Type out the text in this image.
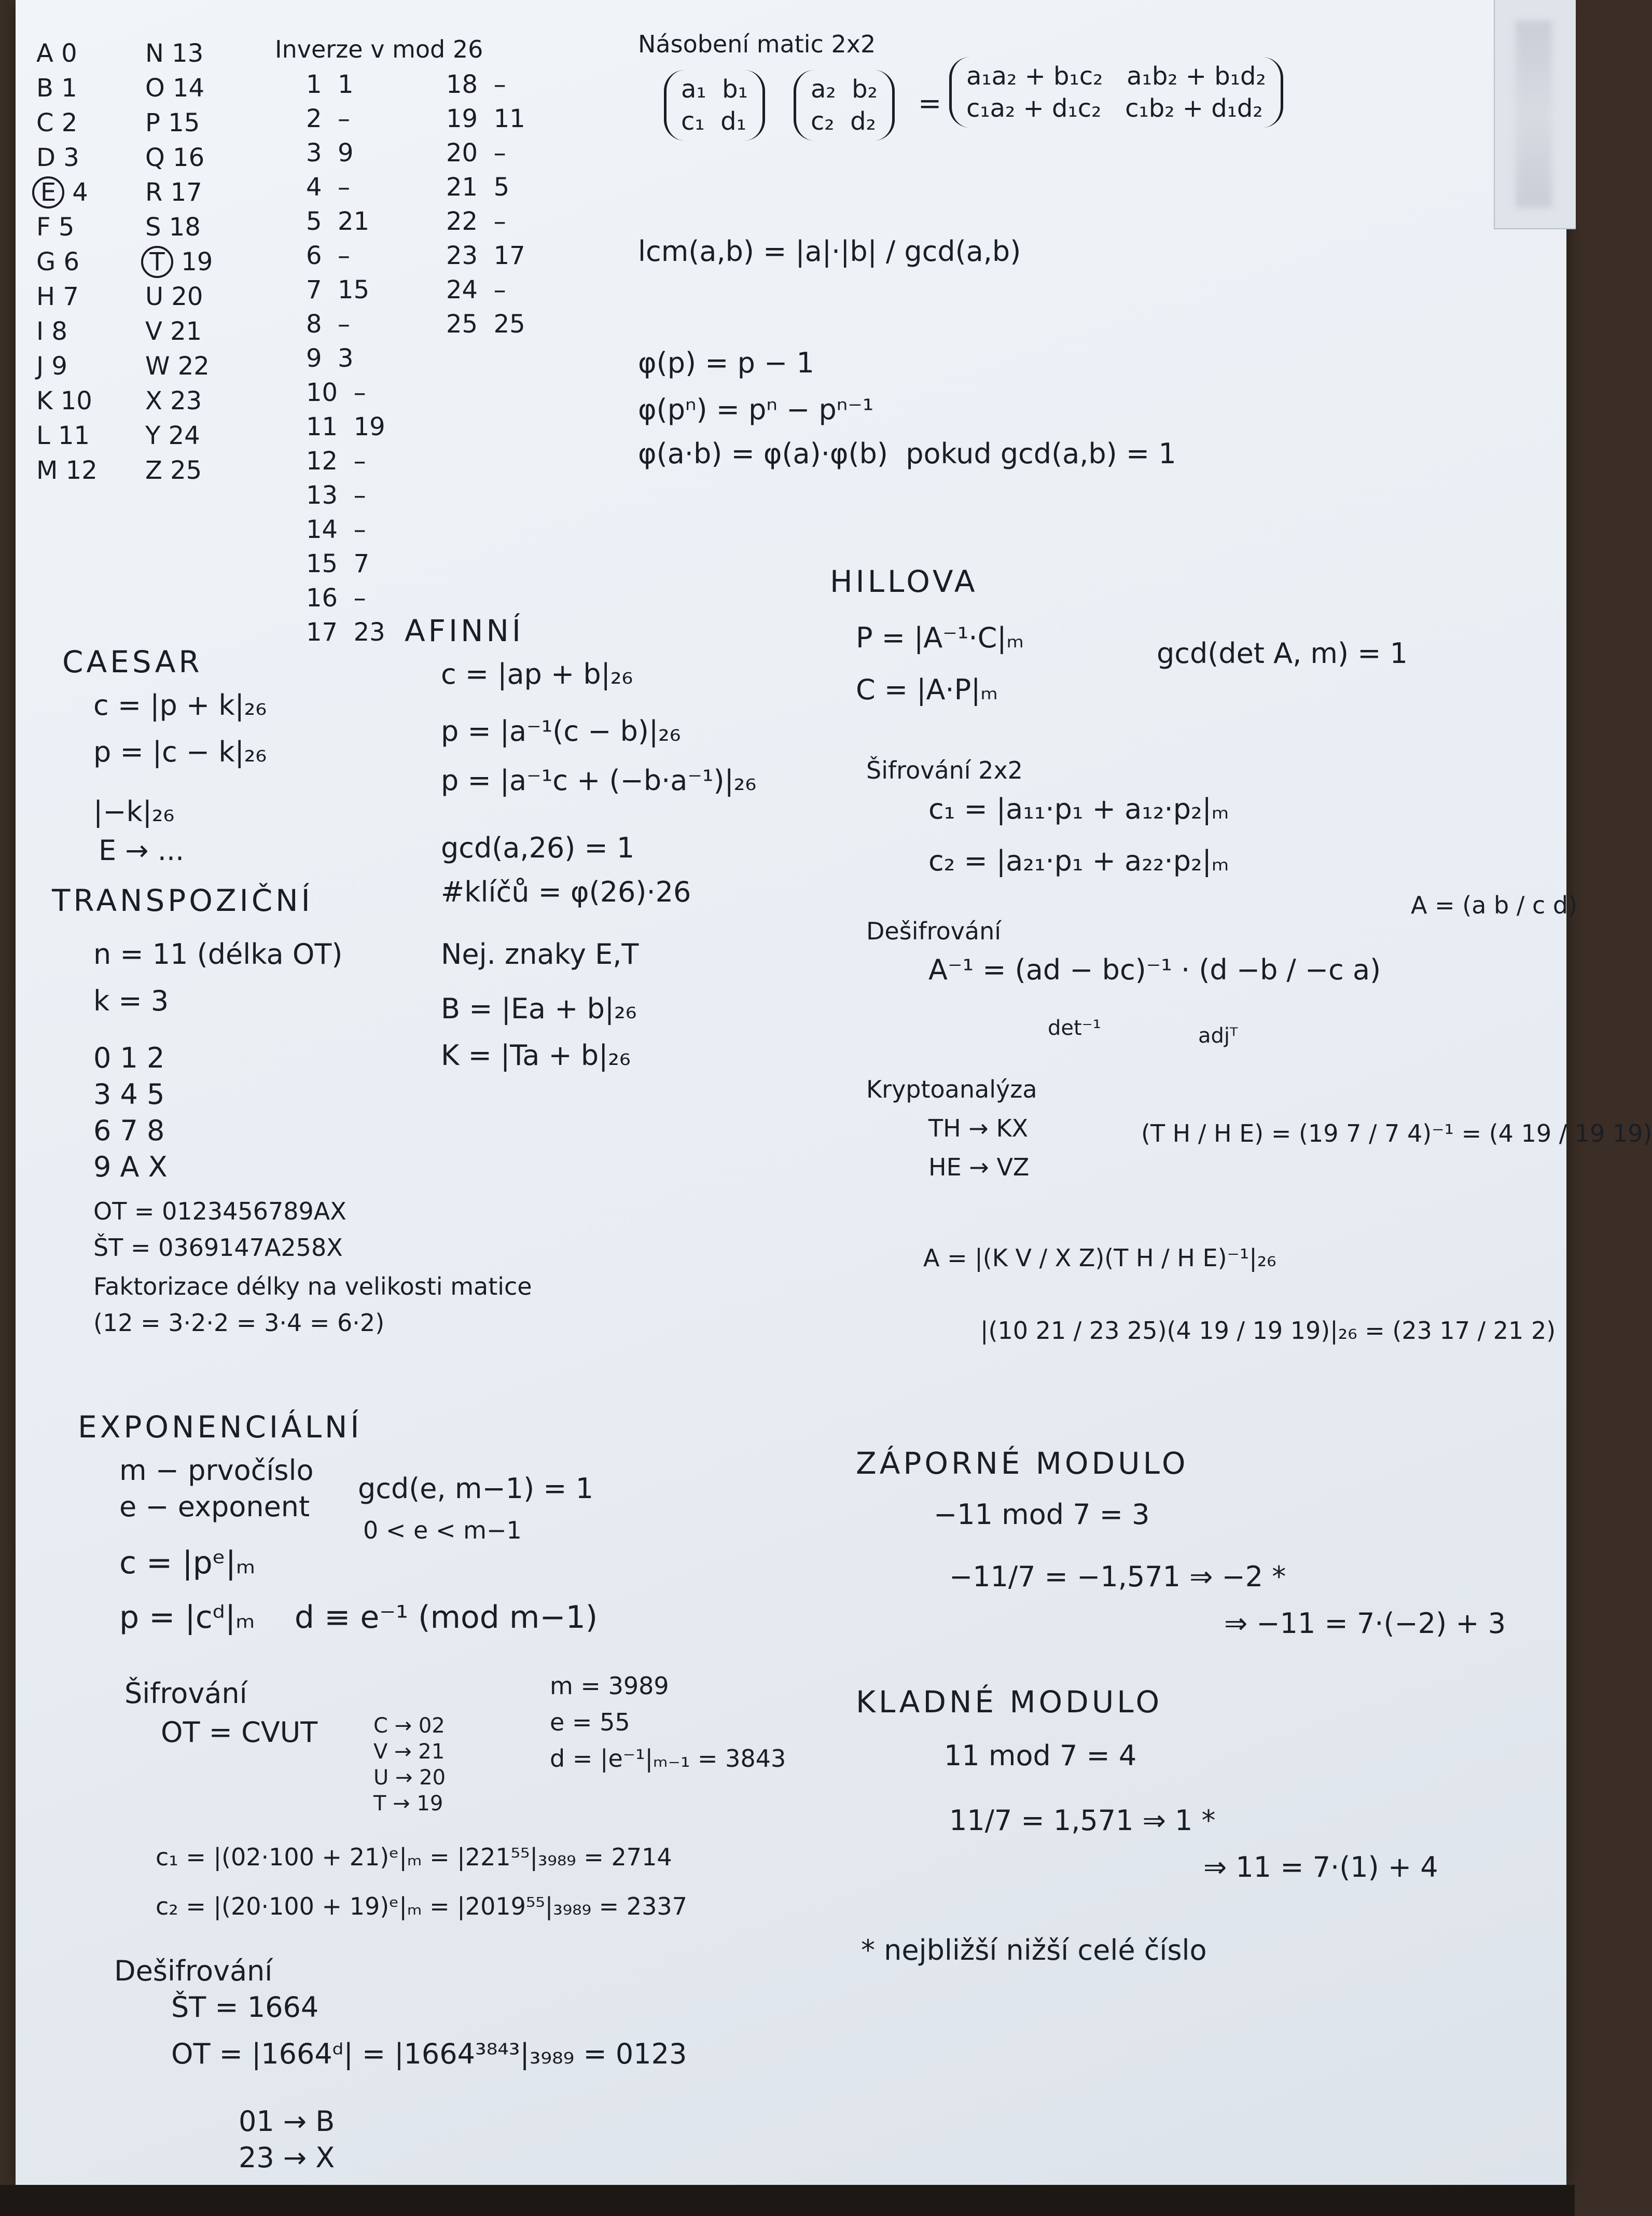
A 0
B 1
C 2
D 3
E 4
F 5
G 6
H 7
I 8
J 9
K 10
L 11
M 12
N 13
O 14
P 15
Q 16
R 17
S 18
T 19
U 20
V 21
W 22
X 23
Y 24
Z 25
Inverze v mod 26
1  1
2  –
3  9
4  –
5  21
6  –
7  15
8  –
9  3
10  –
11  19
12  –
13  –
14  –
15  7
16  –
17  23
18  –
19  11
20  –
21  5
22  –
23  17
24  –
25  25
Násobení matic 2x2
a₁  b₁
c₁  d₁
a₂  b₂
c₂  d₂
=
a₁a₂ + b₁c₂   a₁b₂ + b₁d₂
c₁a₂ + d₁c₂   c₁b₂ + d₁d₂
lcm(a,b) = |a|·|b| / gcd(a,b)
φ(p) = p − 1
φ(pⁿ) = pⁿ − pⁿ⁻¹
φ(a·b) = φ(a)·φ(b)  pokud gcd(a,b) = 1
CAESAR
c = |p + k|₂₆
p = |c − k|₂₆
|−k|₂₆
E → ...
AFINNÍ
c = |ap + b|₂₆
p = |a⁻¹(c − b)|₂₆
p = |a⁻¹c + (−b·a⁻¹)|₂₆
gcd(a,26) = 1
#klíčů = φ(26)·26
Nej. znaky E,T
B = |Ea + b|₂₆
K = |Ta + b|₂₆
TRANSPOZIČNÍ
n = 11 (délka OT)
k = 3
0 1 2
3 4 5
6 7 8
9 A X
OT = 0123456789AX
ŠT = 0369147A258X
Faktorizace délky na velikosti matice
(12 = 3·2·2 = 3·4 = 6·2)
HILLOVA
P = |A⁻¹·C|ₘ
C = |A·P|ₘ
gcd(det A, m) = 1
Šifrování 2x2
c₁ = |a₁₁·p₁ + a₁₂·p₂|ₘ
c₂ = |a₂₁·p₁ + a₂₂·p₂|ₘ
A = (a b / c d)
Dešifrování
A⁻¹ = (ad − bc)⁻¹ · (d −b / −c a)
det⁻¹	adjᵀ
Kryptoanalýza
TH → KX
HE → VZ
(T H / H E) = (19 7 / 7 4)⁻¹ = (4 19 / 19 19)
A = |(K V / X Z)(T H / H E)⁻¹|₂₆
|(10 21 / 23 25)(4 19 / 19 19)|₂₆ = (23 17 / 21 2)
ZÁPORNÉ MODULO
−11 mod 7 = 3
−11/7 = −1,571 ⇒ −2 *
⇒ −11 = 7·(−2) + 3
KLADNÉ MODULO
11 mod 7 = 4
11/7 = 1,571 ⇒ 1 *
⇒ 11 = 7·(1) + 4
* nejbližší nižší celé číslo
EXPONENCIÁLNÍ
m − prvočíslo
e − exponent
gcd(e, m−1) = 1
0 < e < m−1
c = |pᵉ|ₘ
p = |cᵈ|ₘ    d ≡ e⁻¹ (mod m−1)
Šifrování
OT = CVUT	C → 02
V → 21
U → 20
T → 19
m = 3989
e = 55
d = |e⁻¹|ₘ₋₁ = 3843
c₁ = |(02·100 + 21)ᵉ|ₘ = |221⁵⁵|₃₉₈₉ = 2714
c₂ = |(20·100 + 19)ᵉ|ₘ = |2019⁵⁵|₃₉₈₉ = 2337
Dešifrování
ŠT = 1664
OT = |1664ᵈ| = |1664³⁸⁴³|₃₉₈₉ = 0123
01 → B
23 → X
